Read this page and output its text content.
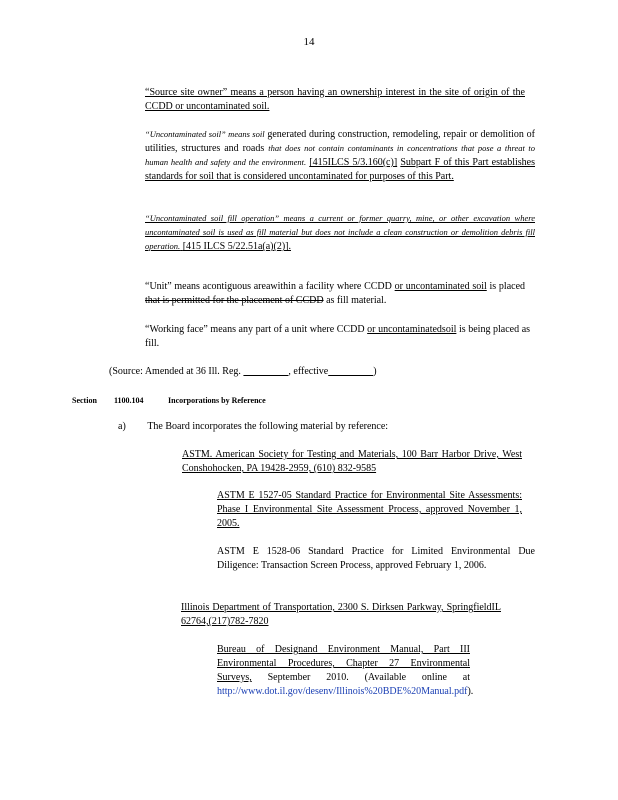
14
“Source site owner” means a person having an ownership interest in the site of origin of the CCDD or uncontaminated soil.
“Uncontaminated soil” means soil generated during construction, remodeling, repair or demolition of utilities, structures and roads that does not contain contaminants in concentrations that pose a threat to human health and safety and the environment. [415ILCS 5/3.160(c)] Subpart F of this Part establishes standards for soil that is considered uncontaminated for purposes of this Part.
“Uncontaminated soil fill operation” means a current or former quarry, mine, or other excavation where uncontaminated soil is used as fill material but does not include a clean construction or demolition debris fill operation. [415 ILCS 5/22.51a(a)(2)].
“Unit” means acontiguous areawithin a facility where CCDD or uncontaminated soil is placed that is permitted for the placement of CCDD as fill material.
“Working face” means any part of a unit where CCDD or uncontaminatedsoil is being placed as fill.
(Source: Amended at 36 Ill. Reg.	, effective	)
Section 1100.104	Incorporations by Reference
a) The Board incorporates the following material by reference:
ASTM. American Society for Testing and Materials, 100 Barr Harbor Drive, West Conshohocken, PA 19428-2959, (610) 832-9585
ASTM E 1527-05 Standard Practice for Environmental Site Assessments: Phase I Environmental Site Assessment Process, approved November 1, 2005.
ASTM E 1528-06 Standard Practice for Limited Environmental Due Diligence: Transaction Screen Process, approved February 1, 2006.
Illinois Department of Transportation, 2300 S. Dirksen Parkway, SpringfieldIL 62764,(217)782-7820
Bureau of Designand Environment Manual, Part III Environmental Procedures, Chapter 27 Environmental Surveys, September 2010. (Available online at http://www.dot.il.gov/desenv/Illinois%20BDE%20Manual.pdf).
